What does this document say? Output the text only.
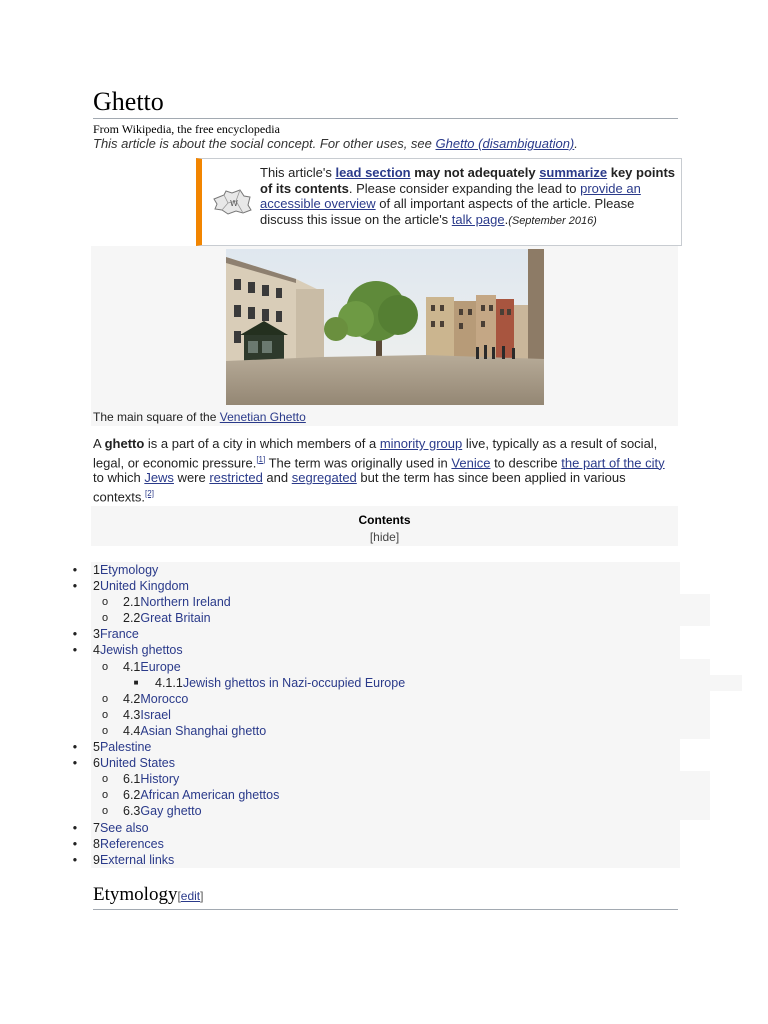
Ghetto
From Wikipedia, the free encyclopedia
This article is about the social concept. For other uses, see Ghetto (disambiguation).
W
This article's lead section may not adequately summarize key points of its contents. Please consider expanding the lead to provide an accessible overview of all important aspects of the article. Please discuss this issue on the article's talk page.(September 2016)
The main square of the Venetian Ghetto
A ghetto is a part of a city in which members of a minority group live, typically as a result of social, legal, or economic pressure.[1] The term was originally used in Venice to describe the part of the city to which Jews were restricted and segregated but the term has since been applied in various contexts.[2]
Contents
[hide]
•	1Etymology
•	2United Kingdom
o	2.1Northern Ireland
o	2.2Great Britain
•	3France
•	4Jewish ghettos
o	4.1Europe
■	4.1.1Jewish ghettos in Nazi-occupied Europe
o	4.2Morocco
o	4.3Israel
o	4.4Asian Shanghai ghetto
•	5Palestine
•	6United States
o	6.1History
o	6.2African American ghettos
o	6.3Gay ghetto
•	7See also
•	8References
•	9External links
Etymology[edit]
